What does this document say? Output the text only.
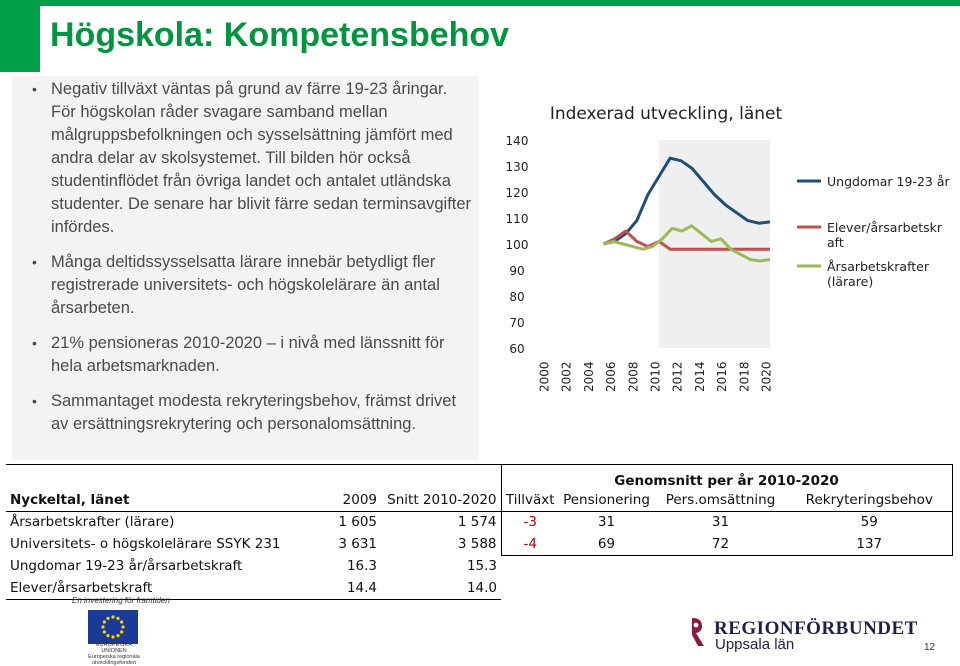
Högskola: Kompetensbehov
• Negativ tillväxt väntas på grund av färre 19-23 åringar. För högskolan råder svagare samband mellan målgruppsbefolkningen och sysselsättning jämfört med andra delar av skolsystemet. Till bilden hör också studentinflödet från övriga landet och antalet utländska studenter. De senare har blivit färre sedan terminsavgifter infördes.
• Många deltidssysselsatta lärare innebär betydligt fler registrerade universitets- och högskolelärare än antal årsarbeten.
• 21% pensioneras 2010-2020 – i nivå med länssnitt för hela arbetsmarknaden.
• Sammantaget modesta rekryteringsbehov, främst drivet av ersättningsrekrytering och personalomsättning.
Indexerad utveckling, länet
60
70
80
90
100
110
120
130
140
2000 2002 2004 2006 2008 2010 2012 2014 2016 2018 2020
Ungdomar 19-23 år
Elever/årsarbetskr
aft
Årsarbetskrafter
(lärare)
			Genomsnitt per år 2010-2020			
Nyckeltal, länet	2009	Snitt 2010-2020	Tillväxt	Pensionering	Pers.omsättning	Rekryteringsbehov
Årsarbetskrafter (lärare)	1 605	1 574	-3	31	31	59
Universitets- o högskolelärare SSYK 231	3 631	3 588	-4	69	72	137
Ungdomar 19-23 år/årsarbetskraft	16.3	15.3				
Elever/årsarbetskraft	14.4	14.0				
En investering för framtiden
EUROPEISKA UNIONEN
Europeiska regionala utvecklingsfonden
REGIONFÖRBUNDET
Uppsala län	12
